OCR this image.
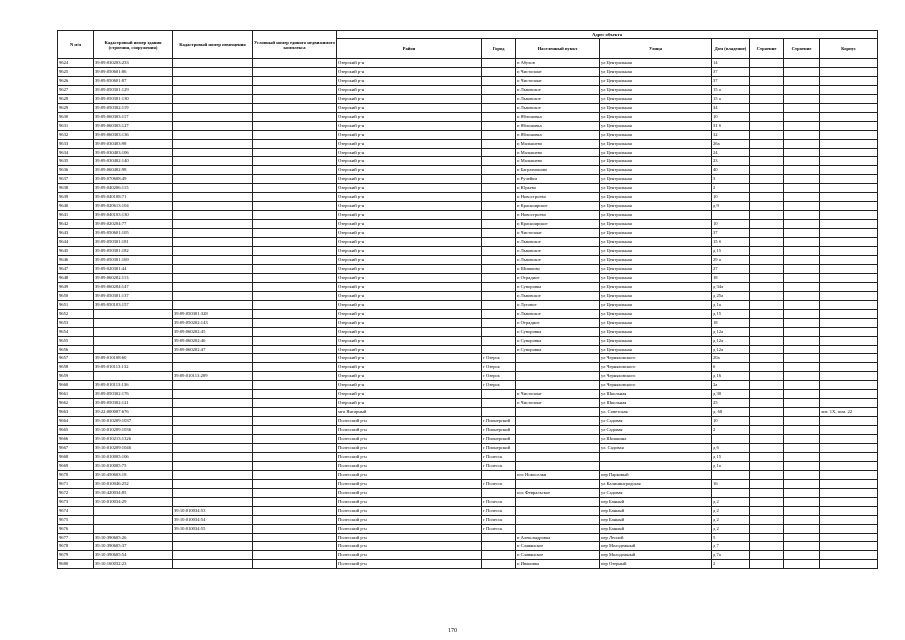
N п/п	Кадастровый номер здания (строения, сооружения)	Кадастровый номер помещения	Условный номер единого недвижимого комплекса	Адрес объекта							
				Район	Город	Населенный пункт	Улица	Дом (владение)	Строение	Строение	Корпус
9624	39:09:030203:233			Озерский р-н		п Абухов	ул Центральная	14			
9625	39:09:050601:86			Озерский р-н		п Чистопоне	ул Центральная	37			
9626	39:09:050601:87			Озерский р-н		п Чистопоне	ул Центральная	37			
9627	39:09:050301:129			Озерский р-н		п Львовское	ул Центральная	15 а			
9628	39:09:050301:130			Озерский р-н		п Львовское	ул Центральная	15 а			
9629	39:09:050302:119			Озерский р-н		п Львовское	ул Центральная	34			
9630	39:09:060303:117			Озерский р-н		п Яблоновка	ул Центральная	10			
9631	39:09:060303:127			Озерский р-н		п Яблоновка	ул Центральная	31 б			
9632	39:09:060303:136			Озерский р-н		п Яблоновка	ул Центральная	32			
9633	39:09:030403:98			Озерский р-н		п Малышево	ул Центральная	26а			
9634	39:09:030403:106			Озерский р-н		п Малышево	ул Центральная	24			
9635	39:09:030402:140			Озерский р-н		п Малышево	ул Центральная	23			
9636	39:09:060402:98			Озерский р-н		п Багратионово	ул Центральная	40			
9637	39:09:070608:49			Озерский р-н		п Ручейки	ул Центральная	3			
9638	39:09:040206:115			Озерский р-н		п Юрьево	ул Центральная	2			
9639	39:09:040108:71			Озерский р-н		п Новостроево	ул Центральная	10			
9640	39:09:020613:104			Озерский р-н		п Красноярское	ул Центральная	д 9			
9641	39:09:040103:130			Озерский р-н		п Новостроево	ул Центральная				
9642	39:09:020204:77			Озерский р-н		п Красноярское	ул Центральная	10			
9643	39:09:050601:105			Озерский р-н		п Чистопоне	ул Центральная	37			
9644	39:09:050301:181			Озерский р-н		п Львовское	ул Центральная	15 б			
9645	39:09:050301:182			Озерский р-н		п Львовское	ул Центральная	д 15			
9646	39:09:050301:169			Озерский р-н		п Львовское	ул Центральная	29 а			
9647	39:09:020301:44			Озерский р-н		п Шишково	ул Центральная	27			
9648	39:09:060202:113			Озерский р-н		п Отрадное	ул Центральная	18			
9649	39:09:060204:147			Озерский р-н		п Суворовка	ул Центральная	д 34а			
9650	39:09:050301:137			Озерский р-н		п Львовское	ул Центральная	д 25а			
9651	39:09:050103:157			Озерский р-н		п Луговое	ул Центральная	д 1а			
9652		39:09:050301:328		Озерский р-н		п Львовское	ул Центральная	д 15			
9653		39:09:050202:143		Озерский р-н		п Отрадное	ул Центральная	18			
9654		39:09:060202:45		Озерский р-н		п Суворовка	ул Центральная	д 12а			
9655		39:09:060202:46		Озерский р-н		п Суворовка	ул Центральная	д 12а			
9656		39:09:060202:47		Озерский р-н		п Суворовка	ул Центральная	д 12а			
9657	39:09:010108:60			Озерский р-н	г Озерск		ул Черняховского	20а			
9658	39:09:010113:132			Озерский р-н	г Озерск		ул Черняховского	6			
9659		39:09:010113:209		Озерский р-н	г Озерск		ул Черняховского	д 16			
9660	39:09:010113:136			Озерский р-н	г Озерск		ул Черняховского	2а			
9661	39:09:050302:176			Озерский р-н		п Чистопоне	ул Школьная	д 30			
9662	39:09:050302:121			Озерский р-н		п Чистопоне	ул Школьная	25			
9663	39:22:000007:676			мгп Янтарный			ул. Советская	д. 68			лит. 1Х, пом. 22
9664	39:10:010209:1037			Полесский р-н	г Пионерский		ул Садовая	10			
9665	39:10:010209:1036			Полесский р-н	г Пионерский		ул Садовая	2			
9666	39:10:010213:1326			Полесский р-н	г Пионерский		ул Шишкина				
9667	39:10:010209:1046			Полесский р-н	г Пионерский		ул. Садовая	д 6			
9668	39:10:010005:106			Полесский р-н	г Полесск			д 15			
9669	39:10:010005:75			Полесский р-н	г Полесск			д 1а			
9670	39:10:450603:18			Полесский р-н		пос Новоселки	пер Парковый				
9671	39:10:010046:252			Полесский р-н	г Полесск		ул Калининградская	16			
9672	39:10:420034:85			Полесский р-н		пос Февральское	ул Садовая				
9673	39:10:010034:29			Полесский р-н	г Полесск		пер Банный	д 2			
9674		39:10:010034:53		Полесский р-н	г Полесск		пер Банный	д 2			
9675		39:10:010034:54		Полесский р-н	г Полесск		пер Банный	д 2			
9676		39:10:010034:55		Полесский р-н	г Полесск		пер Банный	д 2			
9677	39:10:390605:26			Полесский р-н		п Александровка	пер Лесной	5			
9678	39:10:390605:37			Полесский р-н		п Славянское	пер Молодежный	д 7			
9679	39:10:390605:54			Полесский р-н		п Славянское	пер Молодежный	д 7а			
9680	39:10:160032:23			Полесский р-н		п Ивановка	пер Озерный	2			
170
